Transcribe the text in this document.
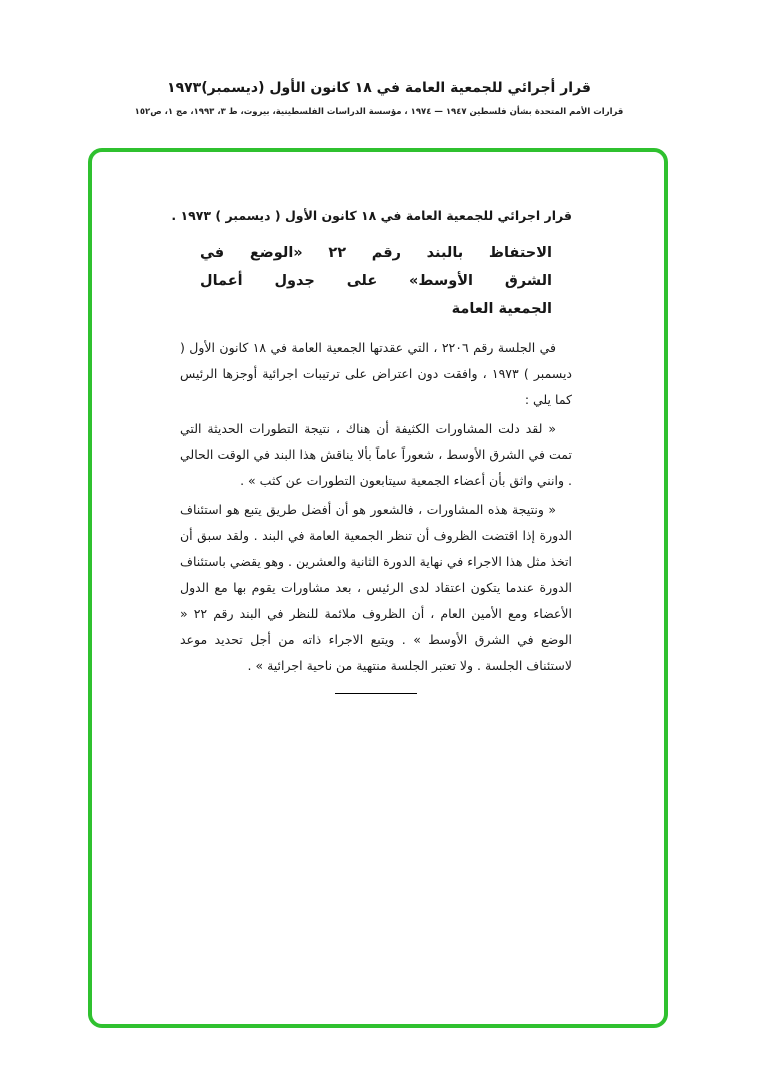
قرار أجرائي للجمعية العامة في ١٨ كانون الأول (ديسمبر)١٩٧٣
قرارات الأمم المتحدة بشأن فلسطين ١٩٤٧ — ١٩٧٤ ، مؤسسة الدراسات الفلسطينية، بيروت، ط ٣، ١٩٩٣، مج ١، ص١٥٢
قرار اجرائي للجمعية العامة في ١٨ كانون الأول ( ديسمبر ) ١٩٧٣ .
الاحتفاظ بالبند رقم ٢٢ «الوضع في
الشرق الأوسط» على جدول أعمال
الجمعية العامة

في الجلسة رقم ٢٢٠٦ ، التي عقدتها الجمعية العامة في ١٨ كانون الأول ( ديسمبر ) ١٩٧٣ ، وافقت دون اعتراض على ترتيبات اجرائية أوجزها الرئيس كما يلي :

« لقد دلت المشاورات الكثيفة أن هناك ، نتيجة التطورات الحديثة التي تمت في الشرق الأوسط ، شعوراً عاماً بألا يناقش هذا البند في الوقت الحالي . وانني واثق بأن أعضاء الجمعية سيتابعون التطورات عن كثب » .

« ونتيجة هذه المشاورات ، فالشعور هو أن أفضل طريق يتبع هو استئناف الدورة إذا اقتضت الظروف أن تنظر الجمعية العامة في البند . ولقد سبق أن اتخذ مثل هذا الاجراء في نهاية الدورة الثانية والعشرين . وهو يقضي باستئناف الدورة عندما يتكون اعتقاد لدى الرئيس ، بعد مشاورات يقوم بها مع الدول الأعضاء ومع الأمين العام ، أن الظروف ملائمة للنظر في البند رقم ٢٢ « الوضع في الشرق الأوسط » . ويتبع الاجراء ذاته من أجل تحديد موعد لاستئناف الجلسة . ولا تعتبر الجلسة منتهية من ناحية اجرائية » .
